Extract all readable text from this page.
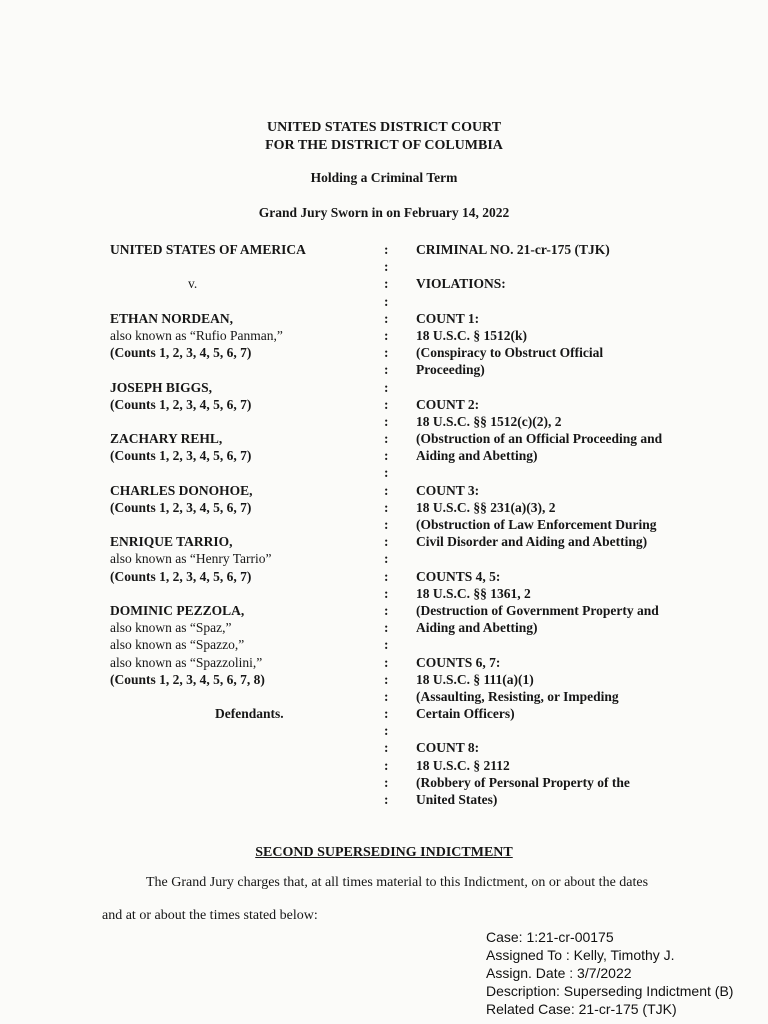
UNITED STATES DISTRICT COURT
FOR THE DISTRICT OF COLUMBIA
Holding a Criminal Term
Grand Jury Sworn in on February 14, 2022
UNITED STATES OF AMERICA
v.
ETHAN NORDEAN,
also known as “Rufio Panman,”
(Counts 1, 2, 3, 4, 5, 6, 7)
JOSEPH BIGGS,
(Counts 1, 2, 3, 4, 5, 6, 7)
ZACHARY REHL,
(Counts 1, 2, 3, 4, 5, 6, 7)
CHARLES DONOHOE,
(Counts 1, 2, 3, 4, 5, 6, 7)
ENRIQUE TARRIO,
also known as “Henry Tarrio”
(Counts 1, 2, 3, 4, 5, 6, 7)
DOMINIC PEZZOLA,
also known as “Spaz,”
also known as “Spazzo,”
also known as “Spazzolini,”
(Counts 1, 2, 3, 4, 5, 6, 7, 8)
Defendants.
:
:
:
:
:
:
:
:
:
:
:
:
:
:
:
:
:
:
:
:
:
:
:
:
:
:
:
:
:
:
:
:
:
CRIMINAL NO. 21-cr-175 (TJK)
VIOLATIONS:
COUNT 1:
18 U.S.C. § 1512(k)
(Conspiracy to Obstruct Official
Proceeding)
COUNT 2:
18 U.S.C. §§ 1512(c)(2), 2
(Obstruction of an Official Proceeding and
Aiding and Abetting)
COUNT 3:
18 U.S.C. §§ 231(a)(3), 2
(Obstruction of Law Enforcement During
Civil Disorder and Aiding and Abetting)
COUNTS 4, 5:
18 U.S.C. §§ 1361, 2
(Destruction of Government Property and
Aiding and Abetting)
COUNTS 6, 7:
18 U.S.C. § 111(a)(1)
(Assaulting, Resisting, or Impeding
Certain Officers)
COUNT 8:
18 U.S.C. § 2112
(Robbery of Personal Property of the
United States)
SECOND SUPERSEDING INDICTMENT
The Grand Jury charges that, at all times material to this Indictment, on or about the dates
and at or about the times stated below:
Case: 1:21-cr-00175
Assigned To : Kelly, Timothy J.
Assign. Date : 3/7/2022
Description: Superseding Indictment (B)
Related Case: 21-cr-175 (TJK)
